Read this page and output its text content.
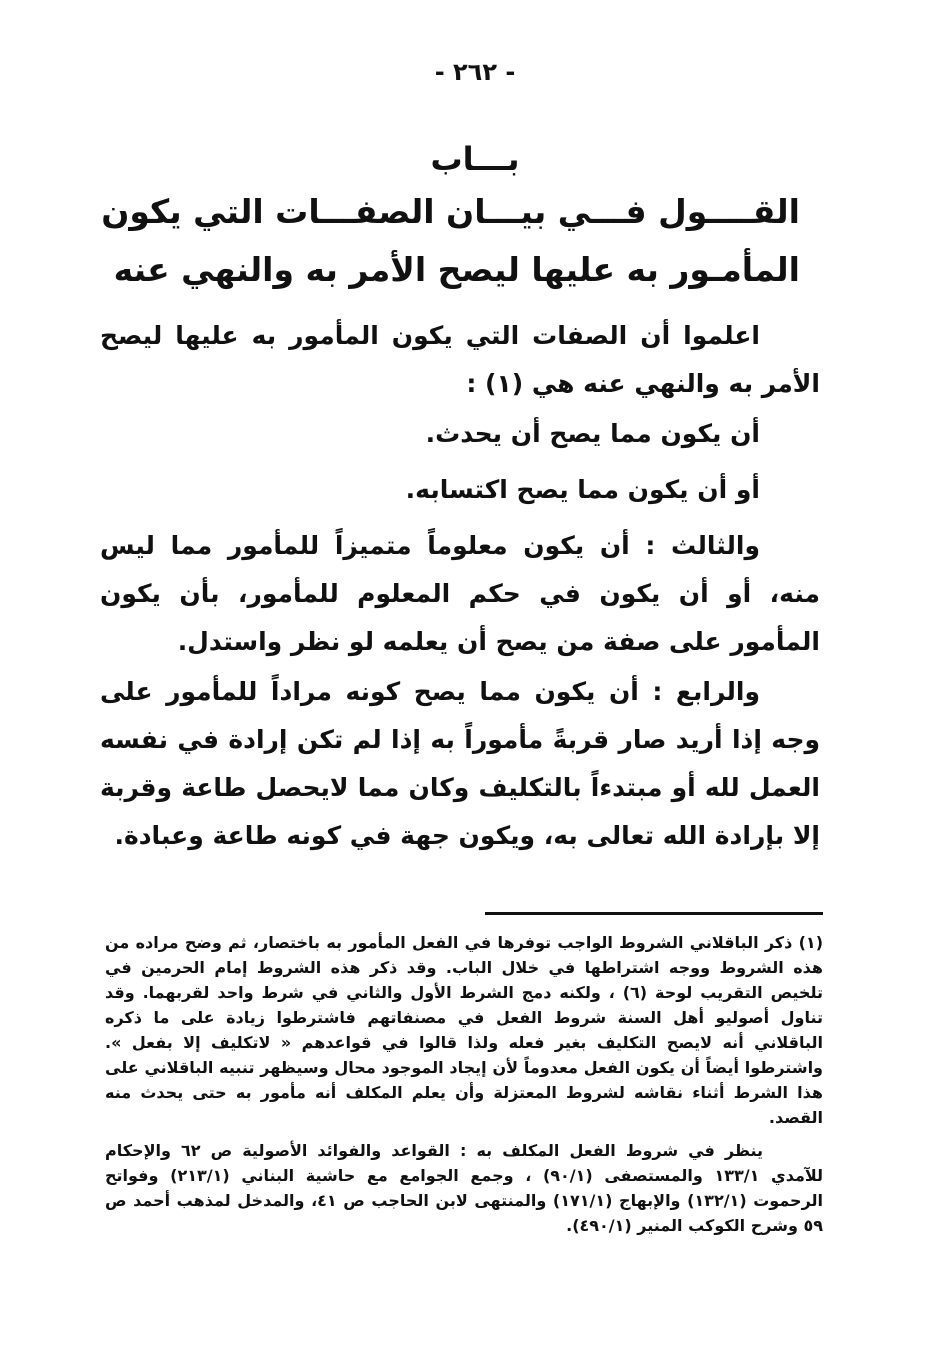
- ٢٦٢ -
بـــاب
القــــول فـــي بيـــان الصفـــات التي يكون
المأمـور به عليها ليصح الأمر به والنهي عنه

اعلموا أن الصفات التي يكون المأمور به عليها ليصح الأمر به والنهي عنه هي (١) :

أن يكون مما يصح أن يحدث.

أو أن يكون مما يصح اكتسابه.

والثالث : أن يكون معلوماً متميزاً للمأمور مما ليس منه، أو أن يكون في حكم المعلوم للمأمور، بأن يكون المأمور على صفة من يصح أن يعلمه لو نظر واستدل.

والرابع : أن يكون مما يصح كونه مراداً للمأمور على وجه إذا أريد صار قربةً مأموراً به إذا لم تكن إرادة في نفسه العمل لله أو مبتدءاً بالتكليف وكان مما لايحصل طاعة وقربة إلا بإرادة الله تعالى به، ويكون جهة في كونه طاعة وعبادة.

(١) ذكر الباقلاني الشروط الواجب توفرها في الفعل المأمور به باختصار، ثم وضح مراده من هذه الشروط ووجه اشتراطها في خلال الباب. وقد ذكر هذه الشروط إمام الحرمين في تلخيص التقريب لوحة (٦) ، ولكنه دمج الشرط الأول والثاني في شرط واحد لقربهما. وقد تناول أصوليو أهل السنة شروط الفعل في مصنفاتهم فاشترطوا زيادة على ما ذكره الباقلاني أنه لايصح التكليف بغير فعله ولذا قالوا في قواعدهم « لاتكليف إلا بفعل ». واشترطوا أيضاً أن يكون الفعل معدوماً لأن إيجاد الموجود محال وسيظهر تنبيه الباقلاني على هذا الشرط أثناء نقاشه لشروط المعتزلة وأن يعلم المكلف أنه مأمور به حتى يحدث منه القصد.

ينظر في شروط الفعل المكلف به : القواعد والفوائد الأصولية ص ٦٢ والإحكام للآمدي ١٣٣/١ والمستصفى (٩٠/١) ، وجمع الجوامع مع حاشية البناني (٢١٣/١) وفواتح الرحموت (١٣٢/١) والإبهاج (١٧١/١) والمنتهى لابن الحاجب ص ٤١، والمدخل لمذهب أحمد ص ٥٩ وشرح الكوكب المنير (٤٩٠/١).
